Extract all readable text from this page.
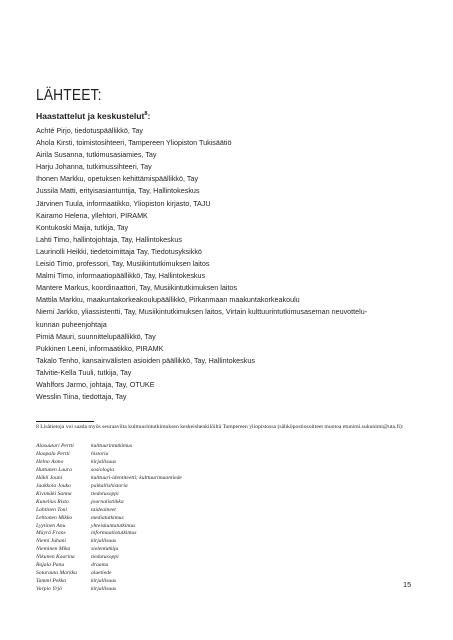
LÄHTEET:
Haastattelut ja keskustelut$^8$:
Achté Pirjo, tiedotuspäällikkö, Tay
Ahola Kirsti, toimistosihteeri, Tampereen Yliopiston Tukisäätiö
Airila Susanna, tutkimusasiamies, Tay
Harju Johanna, tutkimussihteeri, Tay
Ihonen Markku, opetuksen kehittämispäällikkö, Tay
Jussila Matti, erityisasiantuntija, Tay, Hallintokeskus
Järvinen Tuula, informaatikko, Yliopiston kirjasto, TAJU
Kairamo Helena, yllehtori, PIRAMK
Kontukoski Maija, tutkija, Tay
Lahti Timo, hallintojohtaja, Tay, Hallintokeskus
Laurinolli Heikki, tiedetoimittaja Tay, Tiedotusyksikkö
Leisiö Timo, professori, Tay, Musiikintutkimuksen laitos
Malmi Timo, informaatiopäällikkö, Tay, Hallintokeskus
Mantere Markus, koordinaattori, Tay, Musiikintutkimuksen laitos
Mattila Markku, maakuntakorkeakoulupäällikkö, Pirkanmaan maakuntakorkeakoulu
Niemi Jarkko, yliassistentti, Tay, Musiikintutkimuksen laitos, Virtain kulttuurintutkimusaseman neuvottelu-
kunnan puheenjohtaja
Pimiä Mauri, suunnittelupäällikkö, Tay
Pukkinen Leeni, informaatikko, PIRAMK
Takalo Tenho, kansainvälisten asioiden päällikkö, Tay, Hallintokeskus
Talvitie-Kella Tuuli, tutkija, Tay
Wahlfors Jarmo, johtaja, Tay, OTUKE
Wesslin Tiina, tiedottaja, Tay
8 Lisätietoja voi saada myös seuraavilta kulttuurintutkimuksen keskeishenkilöiltä Tampereen yliopistossa (sähköpostiosoitteet muotoa etunimi.sukunimi@uta.fi):
Alasuutari Pertti	kulttuurintutkimus
Haapala Pertti	historia
Helno Asmo	kirjallisuus
Huttunen Laura	sosiologia
Häkli Jouni	kulttuuri-identiteetti; kulttuurimaantiede
Jaakkola Jouko	paikallishistoria
Kivimäki Sanna	tiedotusoppi
Kunelius Risto	journalistiikka
Lahtinen Toni	taideaineet
Lehtonen Mikko	mediatutkimus
Lyytinen Anu	yhteiskuntatutkimus
Mäyrä Frans	informaatiotutkimus
Niemi Juhani	kirjallisuus
Nieminen Mika	sielentutkija
Nikunen Kaarina	tiedotusoppi
Rajala Panu	draama
Sotarauta Markku	aluetiede
Tammi Pekka	kirjallisuus
Varpio Yrjö	kirjallisuus
15
